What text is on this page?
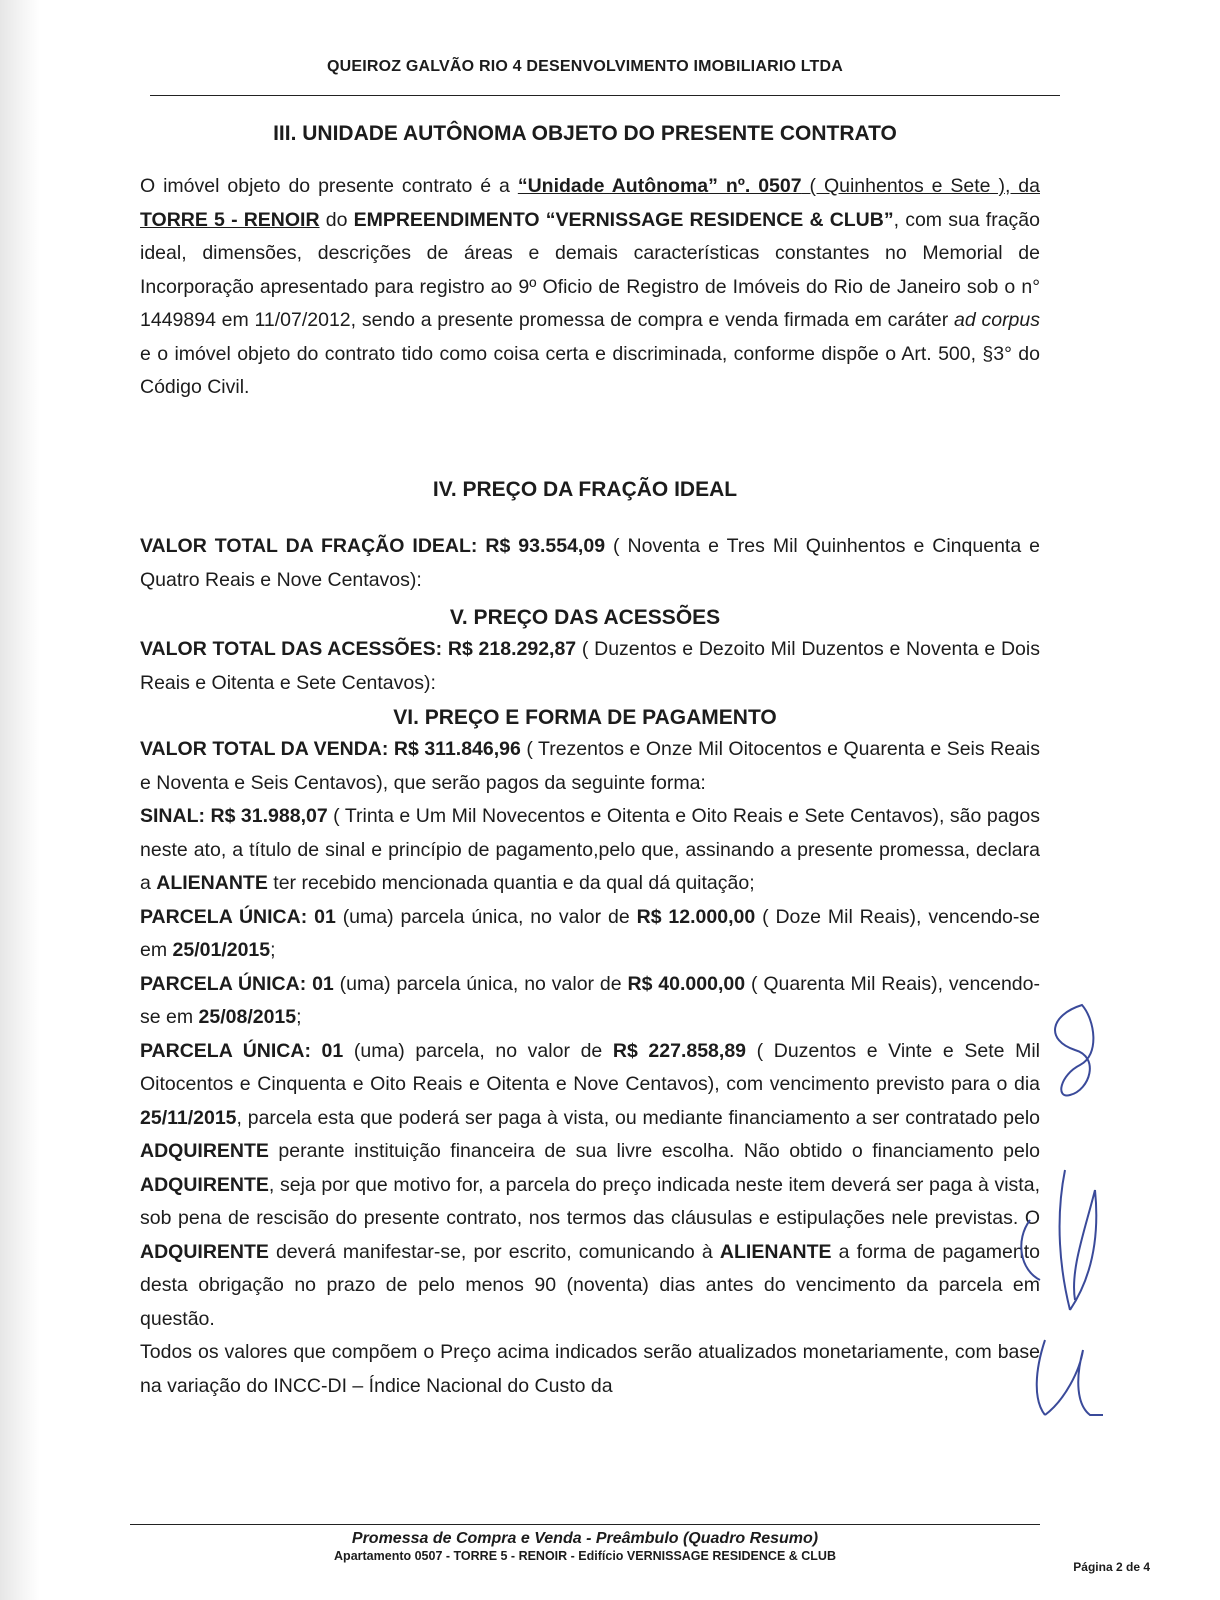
QUEIROZ GALVÃO RIO 4 DESENVOLVIMENTO IMOBILIARIO LTDA
III. UNIDADE AUTÔNOMA OBJETO DO PRESENTE CONTRATO
O imóvel objeto do presente contrato é a “Unidade Autônoma” nº. 0507 ( Quinhentos e Sete ), da TORRE 5 - RENOIR do EMPREENDIMENTO “VERNISSAGE RESIDENCE & CLUB”, com sua fração ideal, dimensões, descrições de áreas e demais características constantes no Memorial de Incorporação apresentado para registro ao 9º Oficio de Registro de Imóveis do Rio de Janeiro sob o n° 1449894 em 11/07/2012, sendo a presente promessa de compra e venda firmada em caráter ad corpus e o imóvel objeto do contrato tido como coisa certa e discriminada, conforme dispõe o Art. 500, §3° do Código Civil.
IV. PREÇO DA FRAÇÃO IDEAL
VALOR TOTAL DA FRAÇÃO IDEAL: R$ 93.554,09 ( Noventa e Tres Mil Quinhentos e Cinquenta e Quatro Reais e Nove Centavos):
V. PREÇO DAS ACESSÕES
VALOR TOTAL DAS ACESSÕES: R$ 218.292,87 ( Duzentos e Dezoito Mil Duzentos e Noventa e Dois Reais e Oitenta e Sete Centavos):
VI. PREÇO E FORMA DE PAGAMENTO
VALOR TOTAL DA VENDA: R$ 311.846,96 ( Trezentos e Onze Mil Oitocentos e Quarenta e Seis Reais e Noventa e Seis Centavos), que serão pagos da seguinte forma:
SINAL: R$ 31.988,07 ( Trinta e Um Mil Novecentos e Oitenta e Oito Reais e Sete Centavos), são pagos neste ato, a título de sinal e princípio de pagamento,pelo que, assinando a presente promessa, declara a ALIENANTE ter recebido mencionada quantia e da qual dá quitação;
PARCELA ÚNICA: 01 (uma) parcela única, no valor de R$ 12.000,00 ( Doze Mil Reais), vencendo-se em 25/01/2015;
PARCELA ÚNICA: 01 (uma) parcela única, no valor de R$ 40.000,00 ( Quarenta Mil Reais), vencendo-se em 25/08/2015;
PARCELA ÚNICA: 01 (uma) parcela, no valor de R$ 227.858,89 ( Duzentos e Vinte e Sete Mil Oitocentos e Cinquenta e Oito Reais e Oitenta e Nove Centavos), com vencimento previsto para o dia 25/11/2015, parcela esta que poderá ser paga à vista, ou mediante financiamento a ser contratado pelo ADQUIRENTE perante instituição financeira de sua livre escolha. Não obtido o financiamento pelo ADQUIRENTE, seja por que motivo for, a parcela do preço indicada neste item deverá ser paga à vista, sob pena de rescisão do presente contrato, nos termos das cláusulas e estipulações nele previstas. O ADQUIRENTE deverá manifestar-se, por escrito, comunicando à ALIENANTE a forma de pagamento desta obrigação no prazo de pelo menos 90 (noventa) dias antes do vencimento da parcela em questão.
Todos os valores que compõem o Preço acima indicados serão atualizados monetariamente, com base na variação do INCC-DI – Índice Nacional do Custo da
Promessa de Compra e Venda - Preâmbulo (Quadro Resumo)
Apartamento 0507 - TORRE 5 - RENOIR - Edifício VERNISSAGE RESIDENCE & CLUB
Página 2 de 4
